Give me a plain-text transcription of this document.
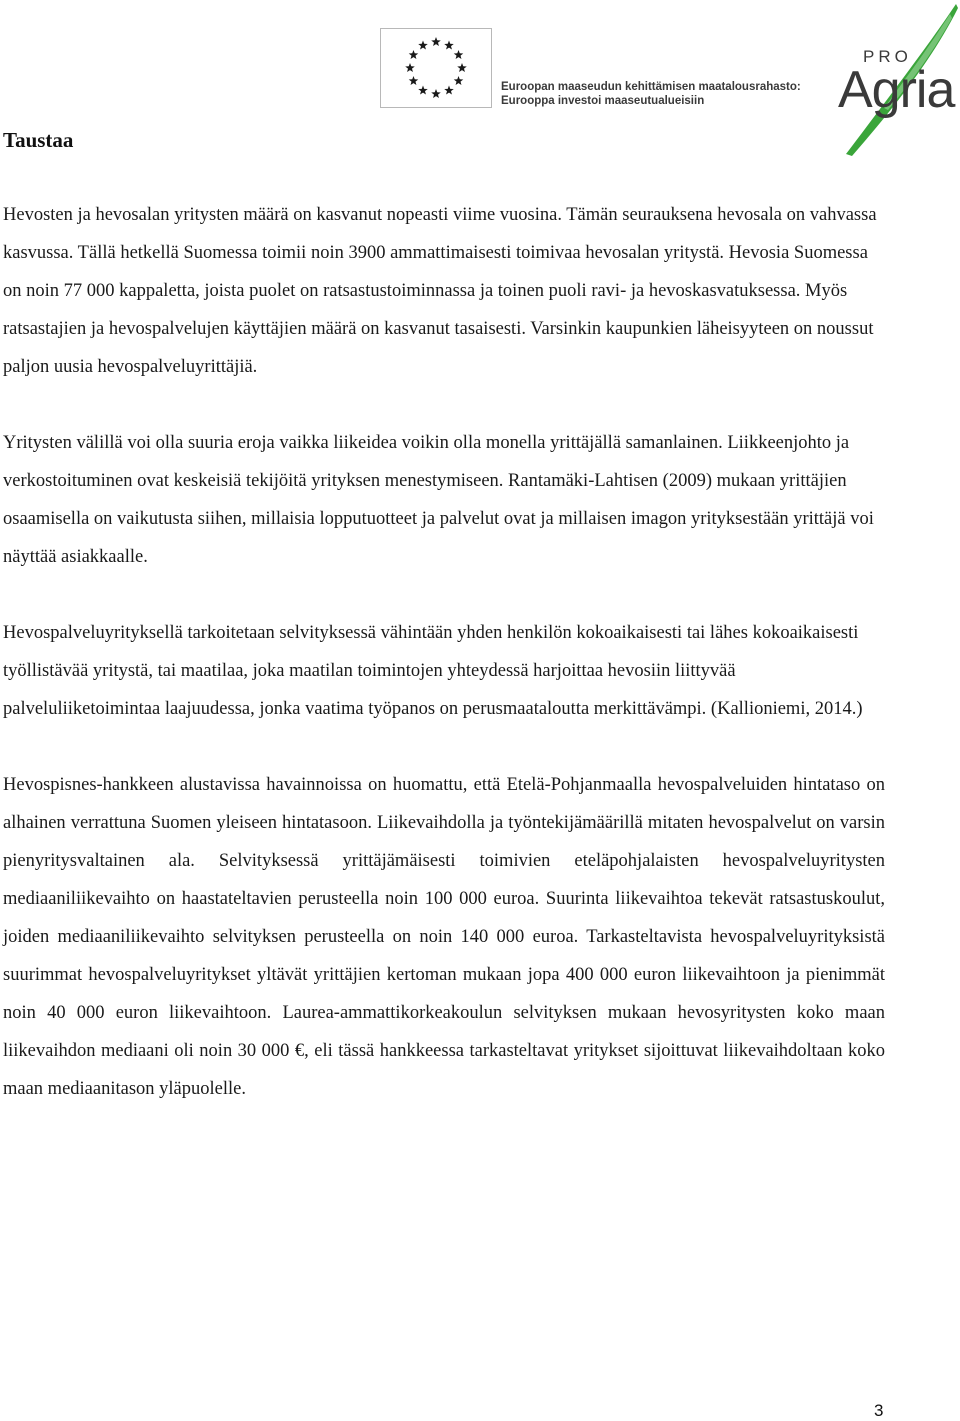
Euroopan maaseudun kehittämisen maatalousrahasto:
Eurooppa investoi maaseutualueisiin
PRO
Agria
Taustaa

Hevosten ja hevosalan yritysten määrä on kasvanut nopeasti viime vuosina. Tämän seurauksena hevosala on vahvassa kasvussa. Tällä hetkellä Suomessa toimii noin 3900 ammattimaisesti toimivaa hevosalan yritystä. Hevosia Suomessa on noin 77 000 kappaletta, joista puolet on ratsastustoiminnassa ja toinen puoli ravi- ja hevoskasvatuksessa. Myös ratsastajien ja hevospalvelujen käyttäjien määrä on kasvanut tasaisesti. Varsinkin kaupunkien läheisyyteen on noussut paljon uusia hevospalveluyrittäjiä.

Yritysten välillä voi olla suuria eroja vaikka liikeidea voikin olla monella yrittäjällä samanlainen. Liikkeenjohto ja verkostoituminen ovat keskeisiä tekijöitä yrityksen menestymiseen. Rantamäki-Lahtisen (2009) mukaan yrittäjien osaamisella on vaikutusta siihen, millaisia lopputuotteet ja palvelut ovat ja millaisen imagon yrityksestään yrittäjä voi näyttää asiakkaalle.

Hevospalveluyrityksellä tarkoitetaan selvityksessä vähintään yhden henkilön kokoaikaisesti tai lähes kokoaikaisesti työllistävää yritystä, tai maatilaa, joka maatilan toimintojen yhteydessä harjoittaa hevosiin liittyvää palveluliiketoimintaa laajuudessa, jonka vaatima työpanos on perusmaataloutta merkittävämpi. (Kallioniemi, 2014.)

Hevospisnes-hankkeen alustavissa havainnoissa on huomattu, että Etelä-Pohjanmaalla hevospalveluiden hintataso on alhainen verrattuna Suomen yleiseen hintatasoon. Liikevaihdolla ja työntekijämäärillä mitaten hevospalvelut on varsin pienyritysvaltainen ala. Selvityksessä yrittäjämäisesti toimivien eteläpohjalaisten hevospalveluyritysten mediaaniliikevaihto on haastateltavien perusteella noin 100 000 euroa. Suurinta liikevaihtoa tekevät ratsastuskoulut, joiden mediaaniliikevaihto selvityksen perusteella on noin 140 000 euroa. Tarkasteltavista hevospalveluyrityksistä suurimmat hevospalveluyritykset yltävät yrittäjien kertoman mukaan jopa 400 000 euron liikevaihtoon ja pienimmät noin 40 000 euron liikevaihtoon. Laurea-ammattikorkeakoulun selvityksen mukaan hevosyritysten koko maan liikevaihdon mediaani oli noin 30 000 €, eli tässä hankkeessa tarkasteltavat yritykset sijoittuvat liikevaihdoltaan koko maan mediaanitason yläpuolelle.

3
